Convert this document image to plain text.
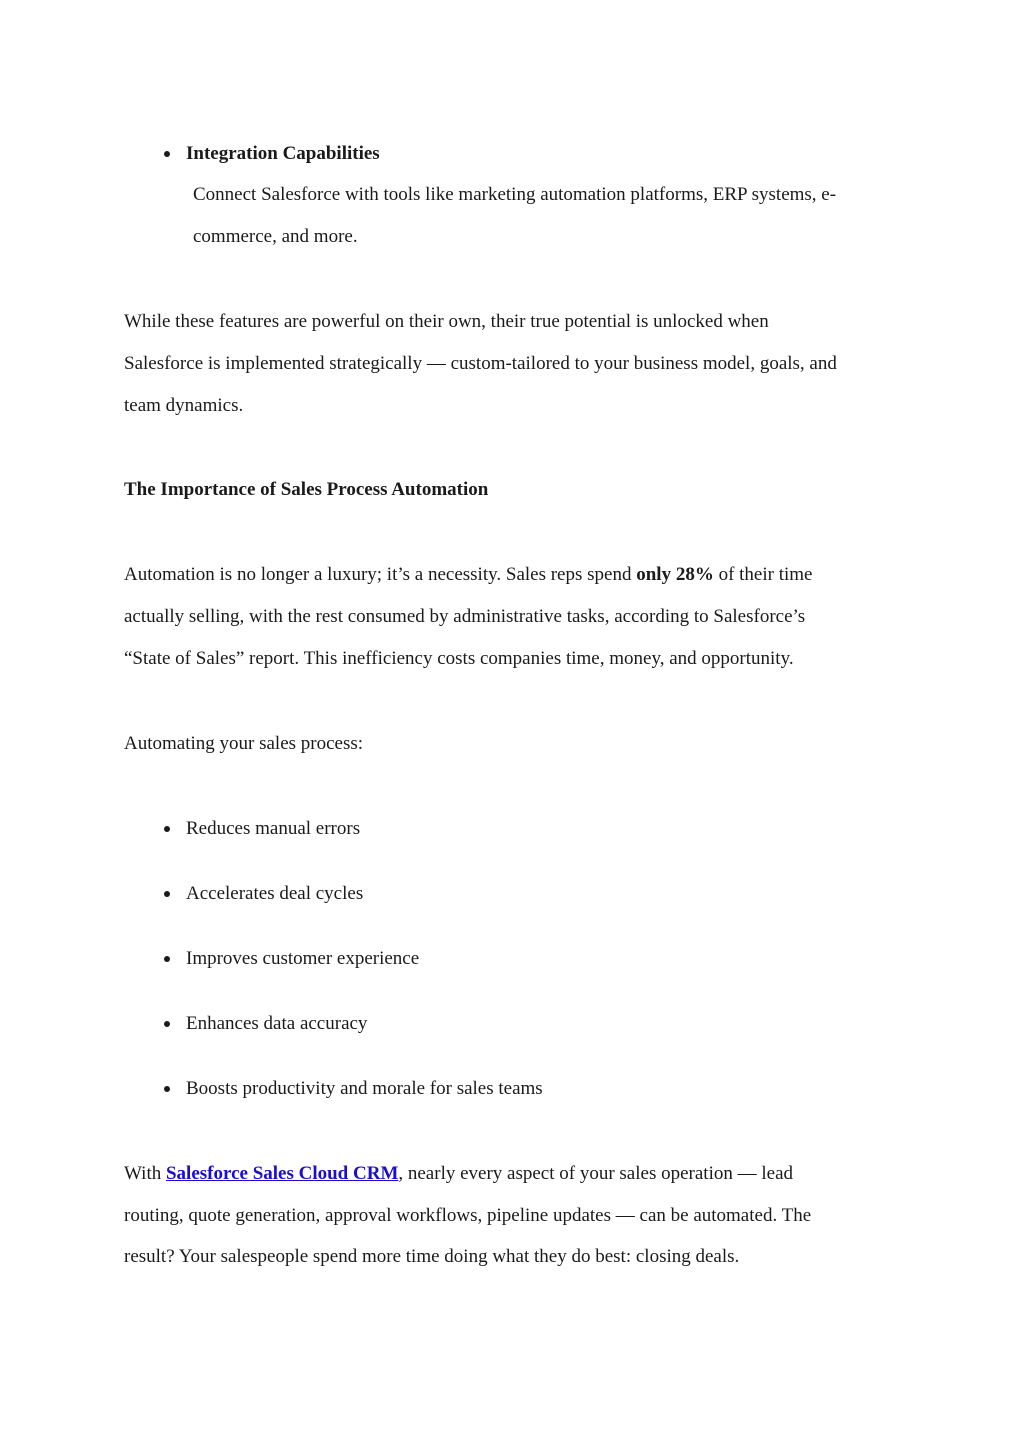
Integration Capabilities

Connect Salesforce with tools like marketing automation platforms, ERP systems, e-

commerce, and more.

While these features are powerful on their own, their true potential is unlocked when

Salesforce is implemented strategically — custom-tailored to your business model, goals, and

team dynamics.

The Importance of Sales Process Automation

Automation is no longer a luxury; it’s a necessity. Sales reps spend only 28% of their time

actually selling, with the rest consumed by administrative tasks, according to Salesforce’s

“State of Sales” report. This inefficiency costs companies time, money, and opportunity.

Automating your sales process:

Reduces manual errors

Accelerates deal cycles

Improves customer experience

Enhances data accuracy

Boosts productivity and morale for sales teams

With Salesforce Sales Cloud CRM, nearly every aspect of your sales operation — lead

routing, quote generation, approval workflows, pipeline updates — can be automated. The

result? Your salespeople spend more time doing what they do best: closing deals.
